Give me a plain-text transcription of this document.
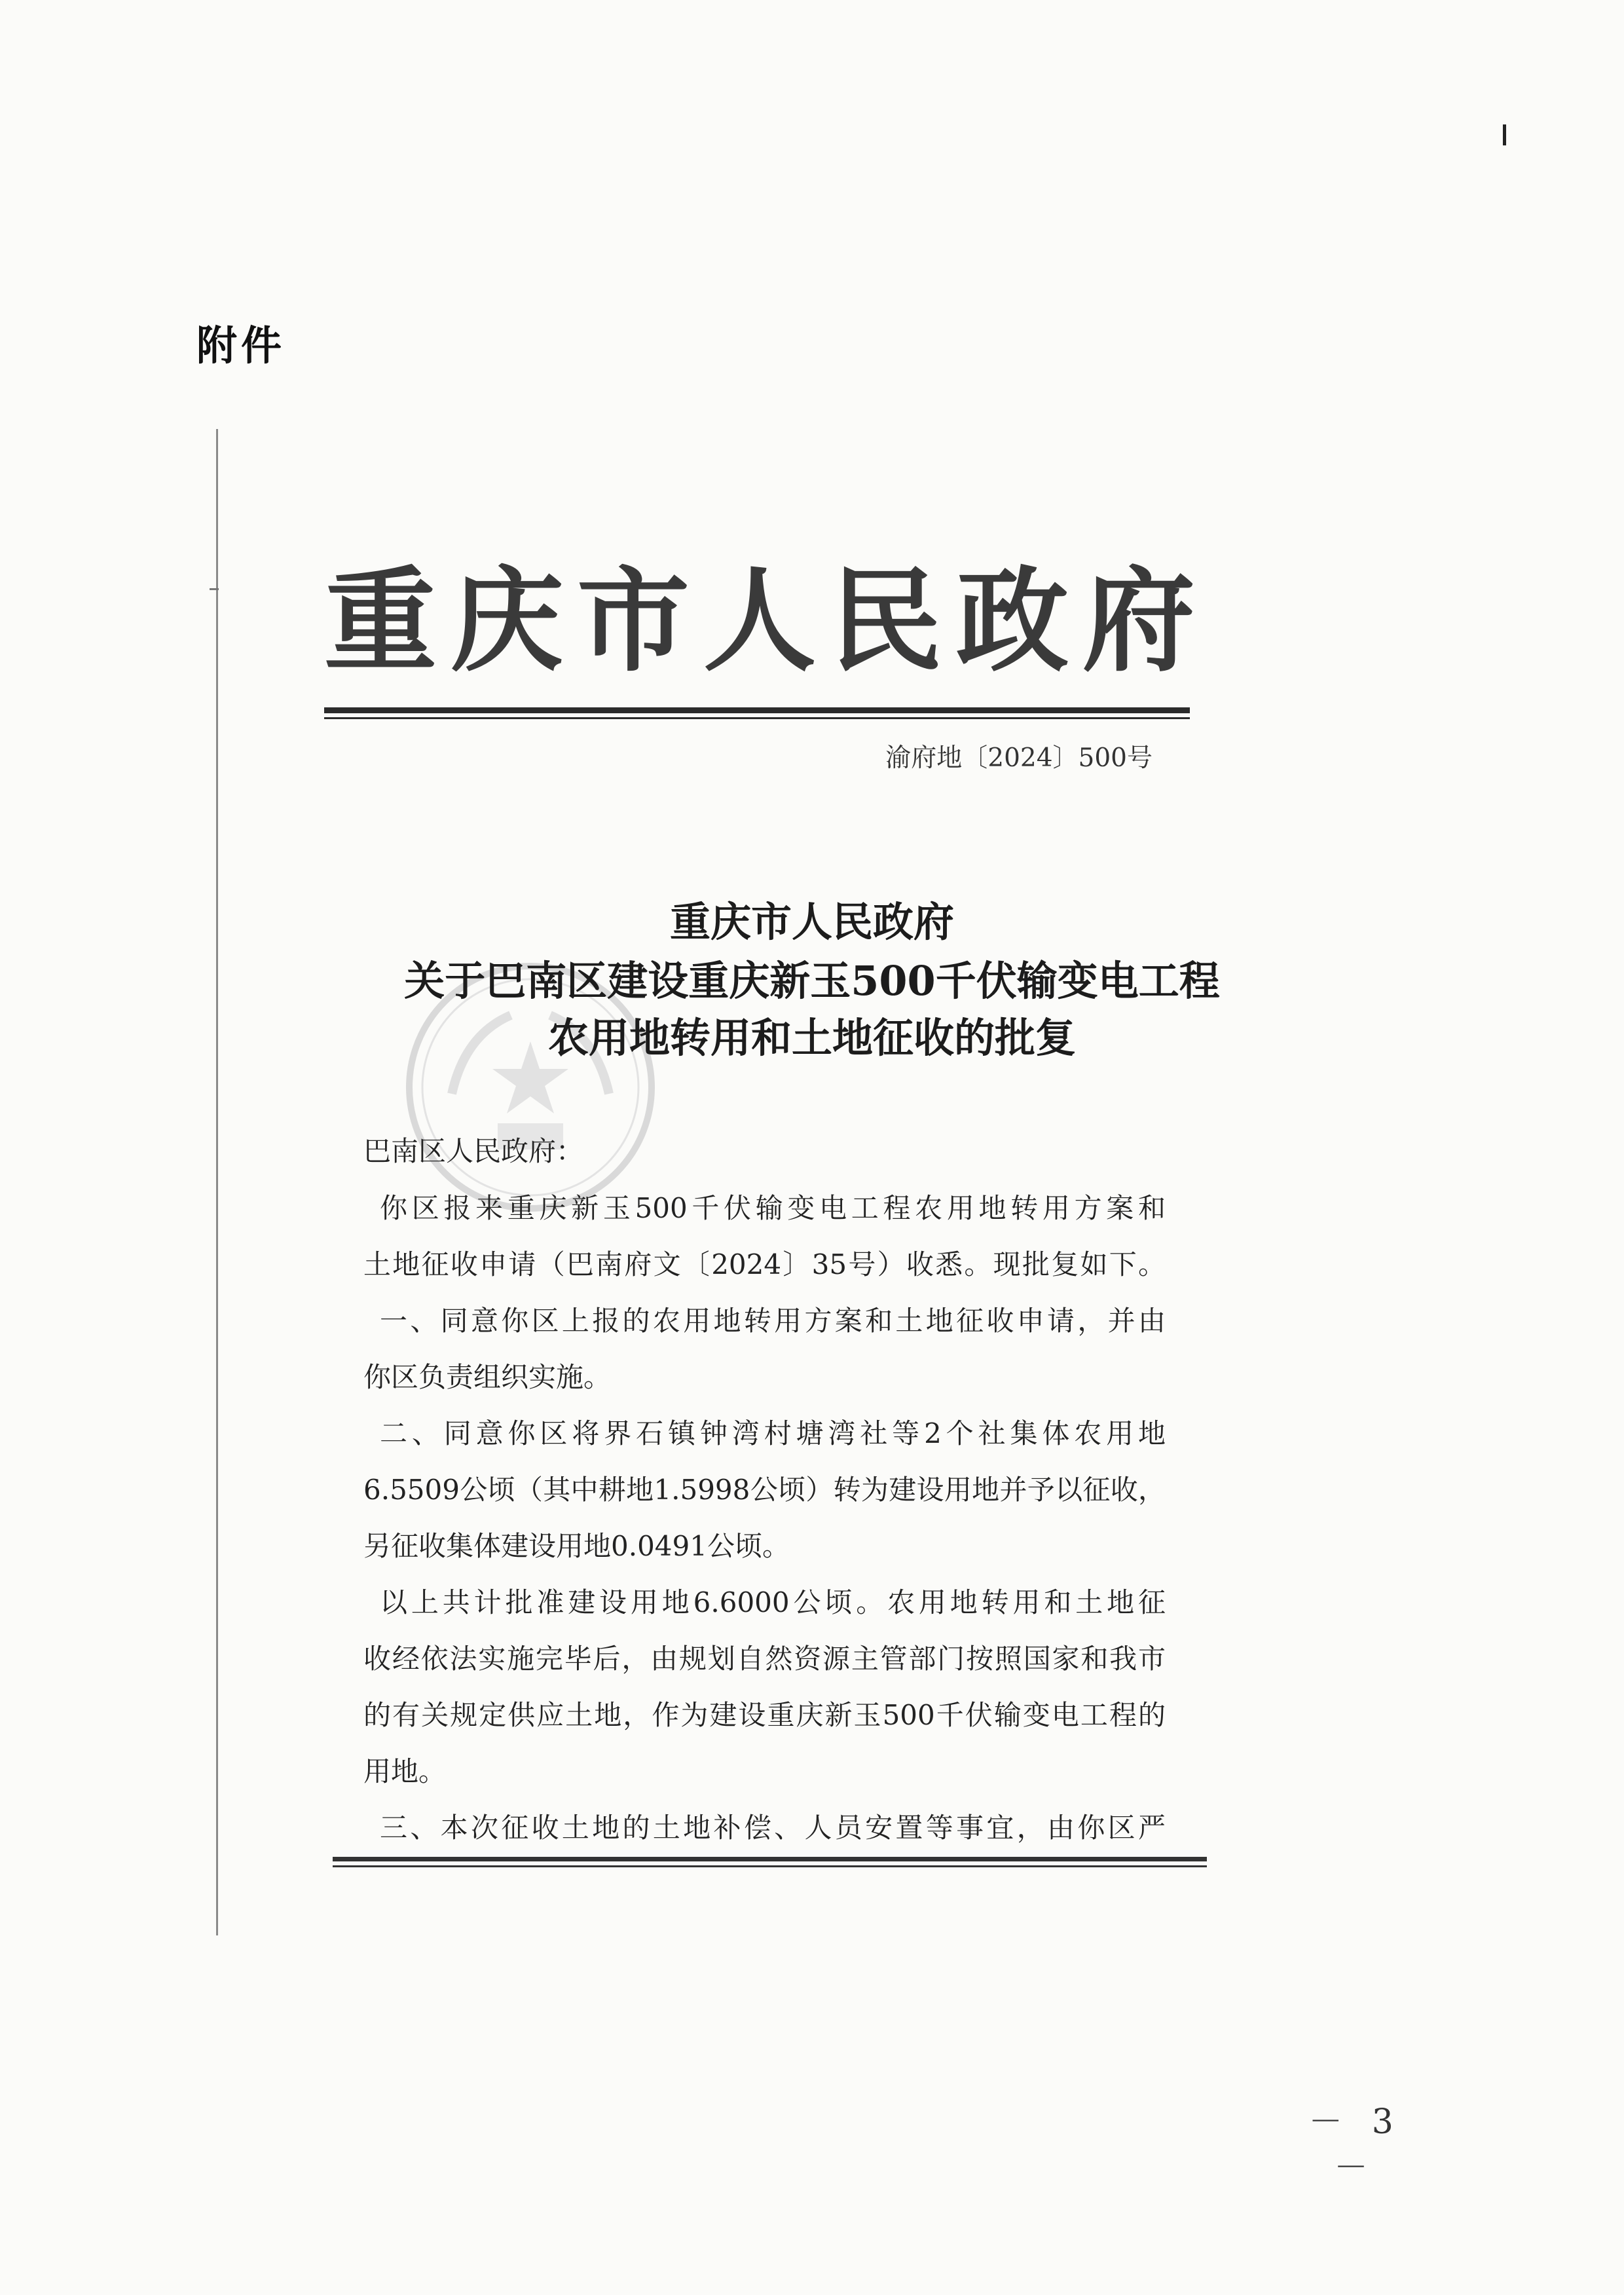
附件
重庆市人民政府
渝府地〔2024〕500号
重庆市人民政府
关于巴南区建设重庆新玉500千伏输变电工程
农用地转用和土地征收的批复
巴南区人民政府：
你区报来重庆新玉500千伏输变电工程农用地转用方案和
土地征收申请（巴南府文〔2024〕35号）收悉。现批复如下。
一、同意你区上报的农用地转用方案和土地征收申请，并由
你区负责组织实施。
二、同意你区将界石镇钟湾村塘湾社等2个社集体农用地
6.5509公顷（其中耕地1.5998公顷）转为建设用地并予以征收，
另征收集体建设用地0.0491公顷。
以上共计批准建设用地6.6000公顷。农用地转用和土地征
收经依法实施完毕后，由规划自然资源主管部门按照国家和我市
的有关规定供应土地，作为建设重庆新玉500千伏输变电工程的
用地。
三、本次征收土地的土地补偿、人员安置等事宜，由你区严
－ 3 －
